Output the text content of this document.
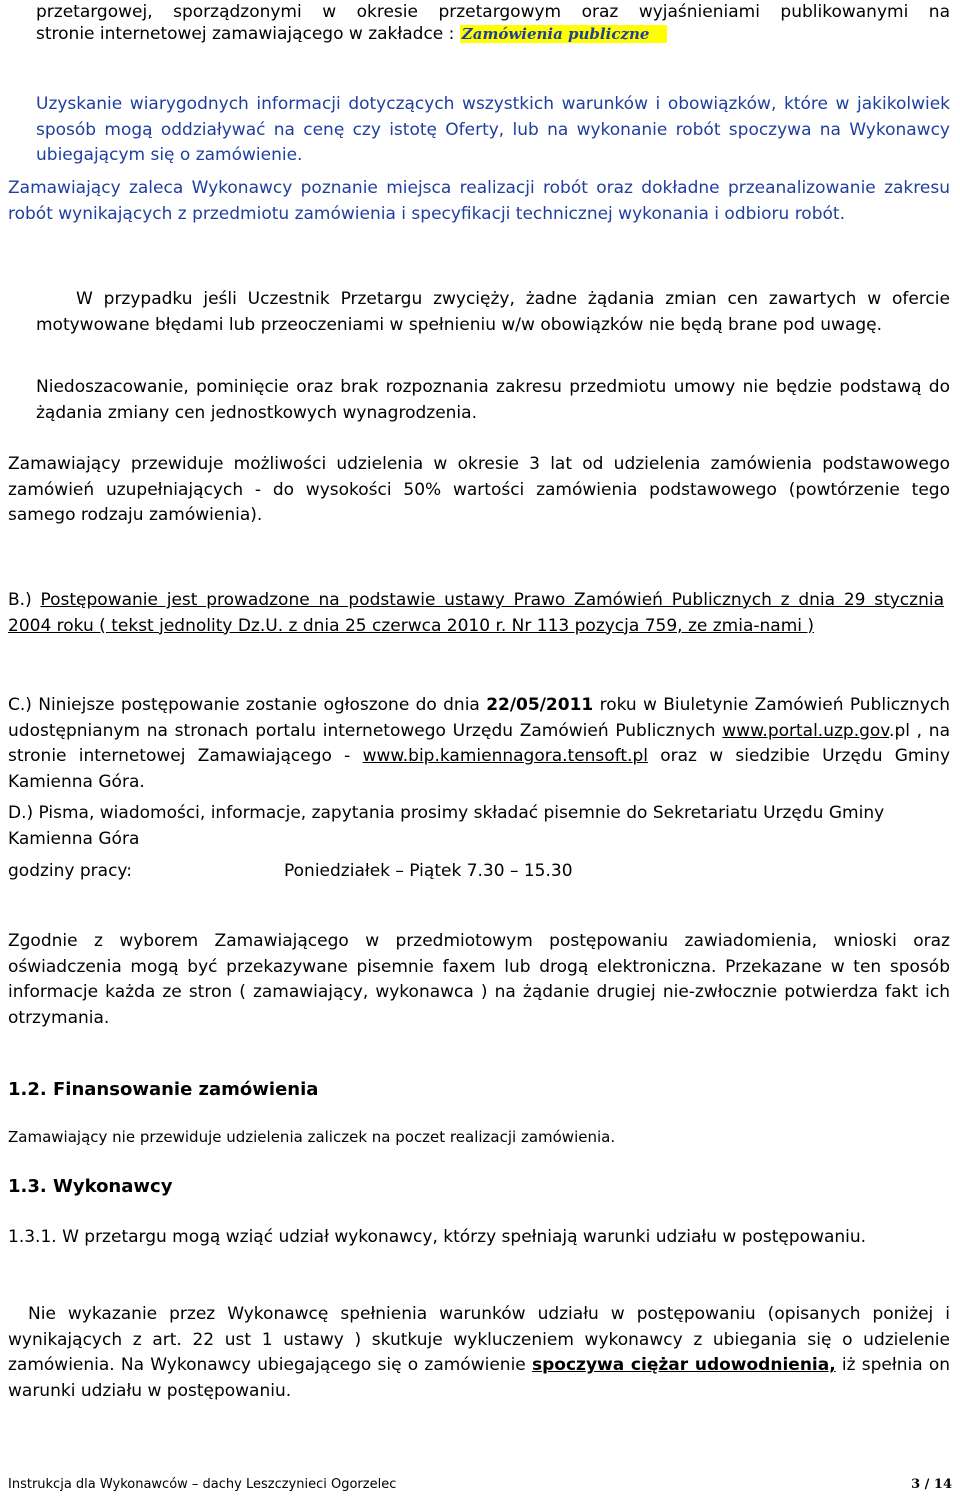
przetargowej, sporządzonymi w okresie przetargowym oraz wyjaśnieniami publikowanymi na

stronie internetowej zamawiającego w zakładce : Zamówienia publiczne

Uzyskanie wiarygodnych informacji dotyczących wszystkich warunków i obowiązków, które w jakikolwiek sposób mogą oddziaływać na cenę czy istotę Oferty, lub na wykonanie robót spoczywa na Wykonawcy ubiegającym się o zamówienie.

Zamawiający zaleca Wykonawcy poznanie miejsca realizacji robót oraz dokładne przeanalizowanie zakresu robót wynikających z przedmiotu zamówienia i specyfikacji technicznej wykonania i odbioru robót.

W przypadku jeśli Uczestnik Przetargu zwycięży, żadne żądania zmian cen zawartych w ofercie motywowane błędami lub przeoczeniami w spełnieniu w/w obowiązków nie będą brane pod uwagę.

Niedoszacowanie, pominięcie oraz brak rozpoznania zakresu przedmiotu umowy nie będzie podstawą do żądania zmiany cen jednostkowych wynagrodzenia.

Zamawiający przewiduje możliwości udzielenia w okresie 3 lat od udzielenia zamówienia podstawowego zamówień uzupełniających - do wysokości 50% wartości zamówienia podstawowego (powtórzenie tego samego rodzaju zamówienia).

B.) Postępowanie jest prowadzone na podstawie ustawy Prawo Zamówień Publicznych z dnia 29 stycznia 2004 roku ( tekst jednolity Dz.U. z dnia 25 czerwca 2010 r. Nr 113 pozycja 759, ze zmia-nami )

C.) Niniejsze postępowanie zostanie ogłoszone do dnia 22/05/2011 roku w Biuletynie Zamówień Publicznych udostępnianym na stronach portalu internetowego Urzędu Zamówień Publicznych www.portal.uzp.gov.pl , na stronie internetowej Zamawiającego - www.bip.kamiennagora.tensoft.pl oraz w siedzibie Urzędu Gminy Kamienna Góra.

D.) Pisma, wiadomości, informacje, zapytania prosimy składać pisemnie do Sekretariatu Urzędu Gminy Kamienna Góra

godziny pracy:	Poniedziałek – Piątek 7.30 – 15.30

Zgodnie z wyborem Zamawiającego w przedmiotowym postępowaniu zawiadomienia, wnioski oraz oświadczenia mogą być przekazywane pisemnie faxem lub drogą elektroniczna. Przekazane w ten sposób informacje każda ze stron ( zamawiający, wykonawca ) na żądanie drugiej nie-zwłocznie potwierdza fakt ich otrzymania.

1.2. Finansowanie zamówienia

Zamawiający nie przewiduje udzielenia zaliczek na poczet realizacji zamówienia.

1.3. Wykonawcy

1.3.1. W przetargu mogą wziąć udział wykonawcy, którzy spełniają warunki udziału w postępowaniu.

Nie wykazanie przez Wykonawcę spełnienia warunków udziału w postępowaniu (opisanych poniżej i wynikających z art. 22 ust 1 ustawy ) skutkuje wykluczeniem wykonawcy z ubiegania się o udzielenie zamówienia. Na Wykonawcy ubiegającego się o zamówienie spoczywa ciężar udowodnienia, iż spełnia on warunki udziału w postępowaniu.

Instrukcja dla Wykonawców – dachy Leszczynieci Ogorzelec	3 / 14
